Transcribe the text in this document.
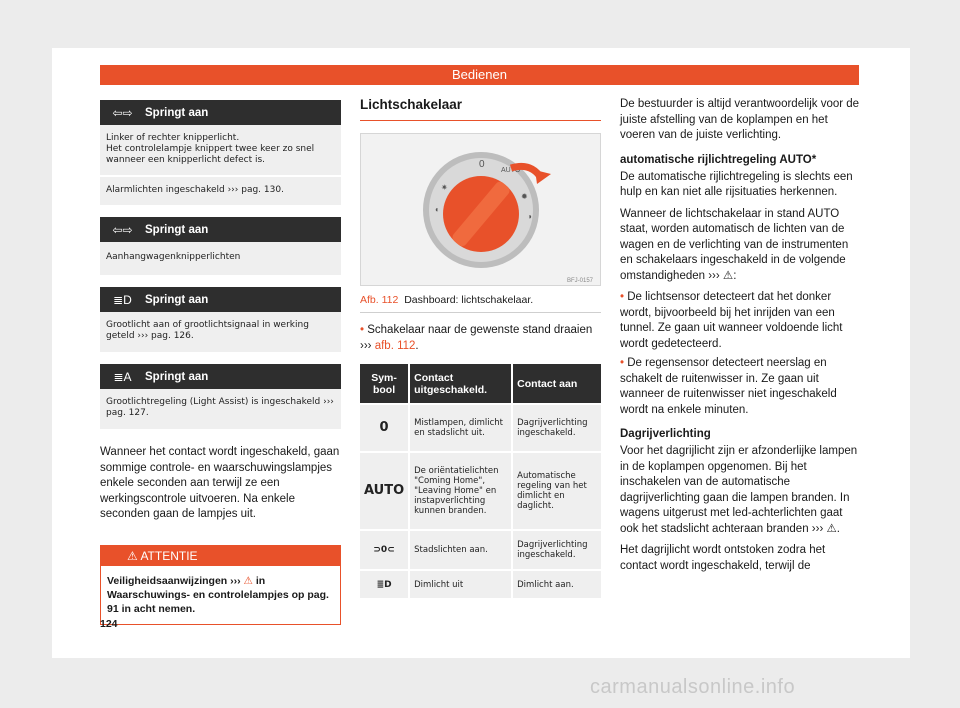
Bedienen
⇦⇨	Springt aan
Linker of rechter knipperlicht.
Het controlelampje knippert twee keer zo snel wanneer een knipperlicht defect is.
Alarmlichten ingeschakeld ››› pag. 130.
⇦⇨	Springt aan
Aanhangwagenknipperlichten
≣D	Springt aan
Grootlicht aan of grootlichtsignaal in werking geteld ››› pag. 126.
≣A	Springt aan
Grootlichtregeling (Light Assist) is ingeschakeld ››› pag. 127.

Wanneer het contact wordt ingeschakeld, gaan sommige controle- en waarschuwingslampjes enkele seconden aan terwijl ze een werkingscontrole uitvoeren. Na enkele seconden gaan de lampjes uit.

⚠ ATTENTIE
Veiligheidsaanwijzingen ››› ⚠ in Waarschuwings- en controlelampjes op pag. 91 in acht nemen.
Lichtschakelaar
0
AUTO
✷
◐
✹
◑
BFJ-0157
Afb. 112 Dashboard: lichtschakelaar.

• Schakelaar naar de gewenste stand draaien ››› afb. 112.

Sym-bool	Contact uitgeschakeld.	Contact aan
0	Mistlampen, dimlicht en stadslicht uit.	Dagrijverlichting ingeschakeld.
AUTO	De oriëntatielichten "Coming Home", "Leaving Home" en instapverlichting kunnen branden.	Automatische regeling van het dimlicht en daglicht.
⊃0⊂	Stadslichten aan.	Dagrijverlichting ingeschakeld.
≣D	Dimlicht uit	Dimlicht aan.

De bestuurder is altijd verantwoordelijk voor de juiste afstelling van de koplampen en het voeren van de juiste verlichting.

automatische rijlichtregeling AUTO*

De automatische rijlichtregeling is slechts een hulp en kan niet alle rijsituaties herkennen.

Wanneer de lichtschakelaar in stand AUTO staat, worden automatisch de lichten van de wagen en de verlichting van de instrumenten en schakelaars ingeschakeld in de volgende omstandigheden ››› ⚠:

• De lichtsensor detecteert dat het donker wordt, bijvoorbeeld bij het inrijden van een tunnel. Ze gaan uit wanneer voldoende licht wordt gedetecteerd.

• De regensensor detecteert neerslag en schakelt de ruitenwisser in. Ze gaan uit wanneer de ruitenwisser niet ingeschakeld wordt na enkele minuten.

Dagrijverlichting

Voor het dagrijlicht zijn er afzonderlijke lampen in de koplampen opgenomen. Bij het inschakelen van de automatische dagrijverlichting gaan die lampen branden. In wagens uitgerust met led-achterlichten gaat ook het stadslicht achteraan branden ››› ⚠.

Het dagrijlicht wordt ontstoken zodra het contact wordt ingeschakeld, terwijl de

124
carmanualsonline.info
